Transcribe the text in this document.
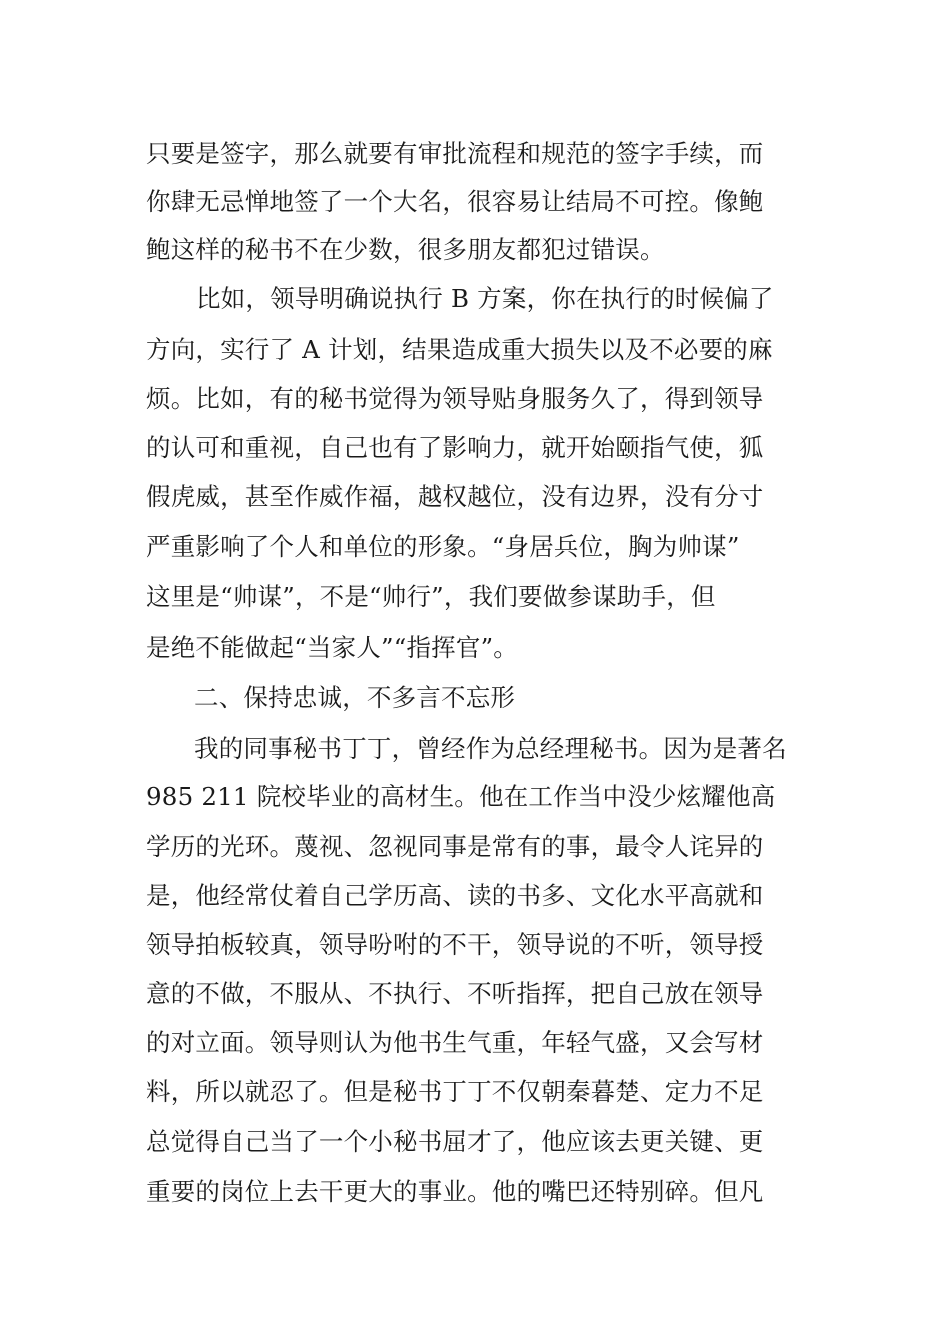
只要是签字，那么就要有审批流程和规范的签字手续，而
你肆无忌惮地签了一个大名，很容易让结局不可控。像鲍
鲍这样的秘书不在少数，很多朋友都犯过错误。
比如，领导明确说执行 B 方案，你在执行的时候偏了
方向，实行了 A 计划，结果造成重大损失以及不必要的麻
烦。比如，有的秘书觉得为领导贴身服务久了，得到领导
的认可和重视，自己也有了影响力，就开始颐指气使，狐
假虎威，甚至作威作福，越权越位，没有边界，没有分寸
严重影响了个人和单位的形象。“身居兵位，胸为帅谋”
这里是“帅谋”，不是“帅行”，我们要做参谋助手，但
是绝不能做起“当家人”“指挥官”。
二、保持忠诚，不多言不忘形
我的同事秘书丁丁，曾经作为总经理秘书。因为是著名
985 211 院校毕业的高材生。他在工作当中没少炫耀他高
学历的光环。蔑视、忽视同事是常有的事，最令人诧异的
是，他经常仗着自己学历高、读的书多、文化水平高就和
领导拍板较真，领导吩咐的不干，领导说的不听，领导授
意的不做，不服从、不执行、不听指挥，把自己放在领导
的对立面。领导则认为他书生气重，年轻气盛，又会写材
料，所以就忍了。但是秘书丁丁不仅朝秦暮楚、定力不足
总觉得自己当了一个小秘书屈才了，他应该去更关键、更
重要的岗位上去干更大的事业。他的嘴巴还特别碎。但凡
